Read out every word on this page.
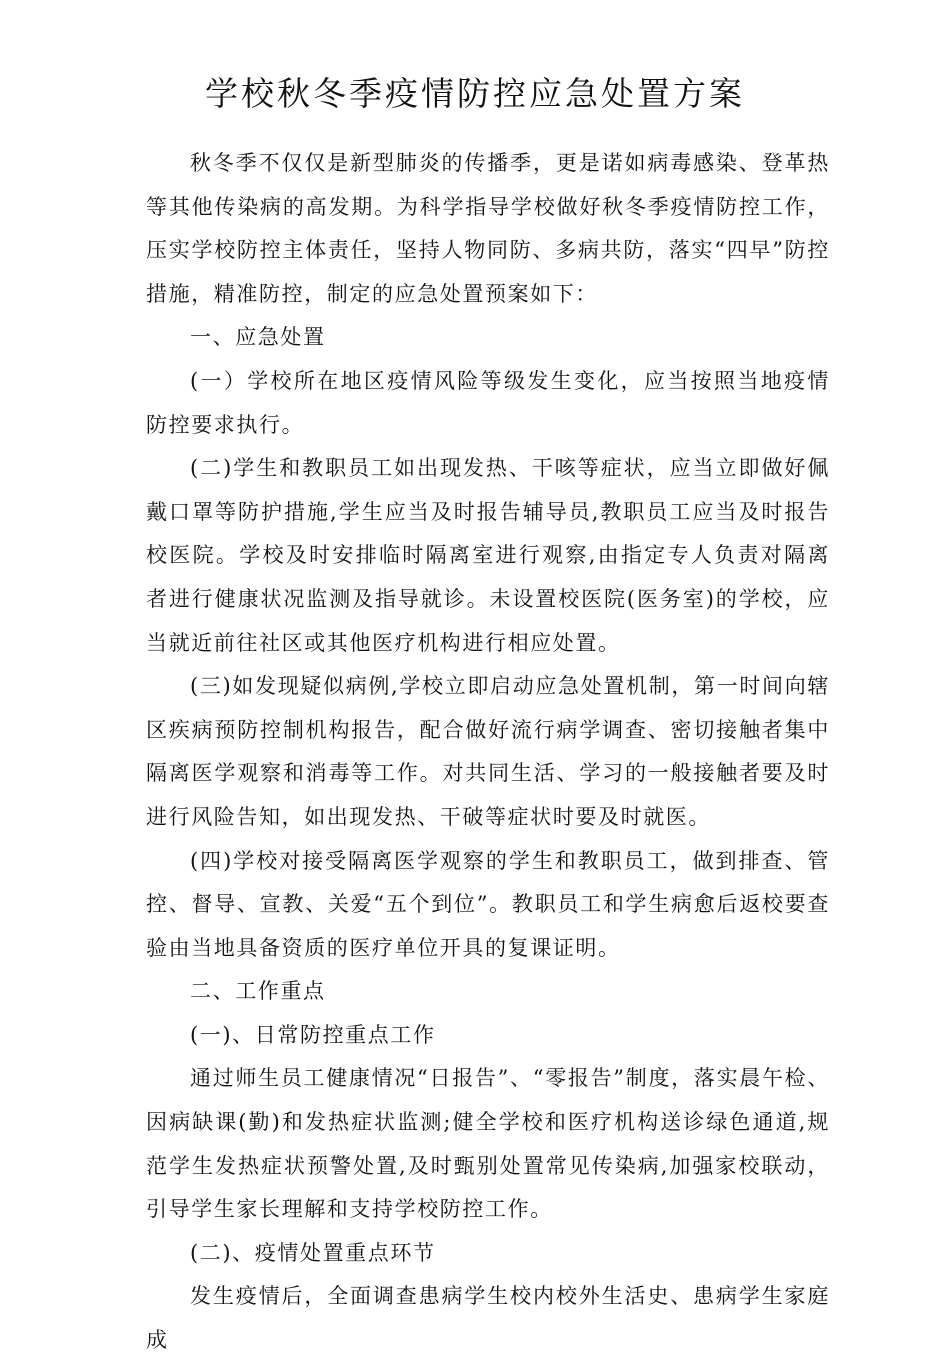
学校秋冬季疫情防控应急处置方案

秋冬季不仅仅是新型肺炎的传播季，更是诺如病毒感染、登革热等其他传染病的高发期。为科学指导学校做好秋冬季疫情防控工作，压实学校防控主体责任，坚持人物同防、多病共防，落实“四早”防控措施，精准防控，制定的应急处置预案如下：

一、应急处置

(一）学校所在地区疫情风险等级发生变化，应当按照当地疫情防控要求执行。

(二)学生和教职员工如出现发热、干咳等症状，应当立即做好佩戴口罩等防护措施,学生应当及时报告辅导员,教职员工应当及时报告校医院。学校及时安排临时隔离室进行观察,由指定专人负责对隔离者进行健康状况监测及指导就诊。未设置校医院(医务室)的学校，应当就近前往社区或其他医疗机构进行相应处置。

(三)如发现疑似病例,学校立即启动应急处置机制，第一时间向辖区疾病预防控制机构报告，配合做好流行病学调查、密切接触者集中隔离医学观察和消毒等工作。对共同生活、学习的一般接触者要及时进行风险告知，如出现发热、干破等症状时要及时就医。

(四)学校对接受隔离医学观察的学生和教职员工，做到排查、管控、督导、宣教、关爱“五个到位”。教职员工和学生病愈后返校要查验由当地具备资质的医疗单位开具的复课证明。

二、工作重点

(一)、日常防控重点工作

通过师生员工健康情况“日报告”、“零报告”制度，落实晨午检、因病缺课(勤)和发热症状监测;健全学校和医疗机构送诊绿色通道,规范学生发热症状预警处置,及时甄别处置常见传染病,加强家校联动，引导学生家长理解和支持学校防控工作。

(二)、疫情处置重点环节

发生疫情后，全面调查患病学生校内校外生活史、患病学生家庭成
